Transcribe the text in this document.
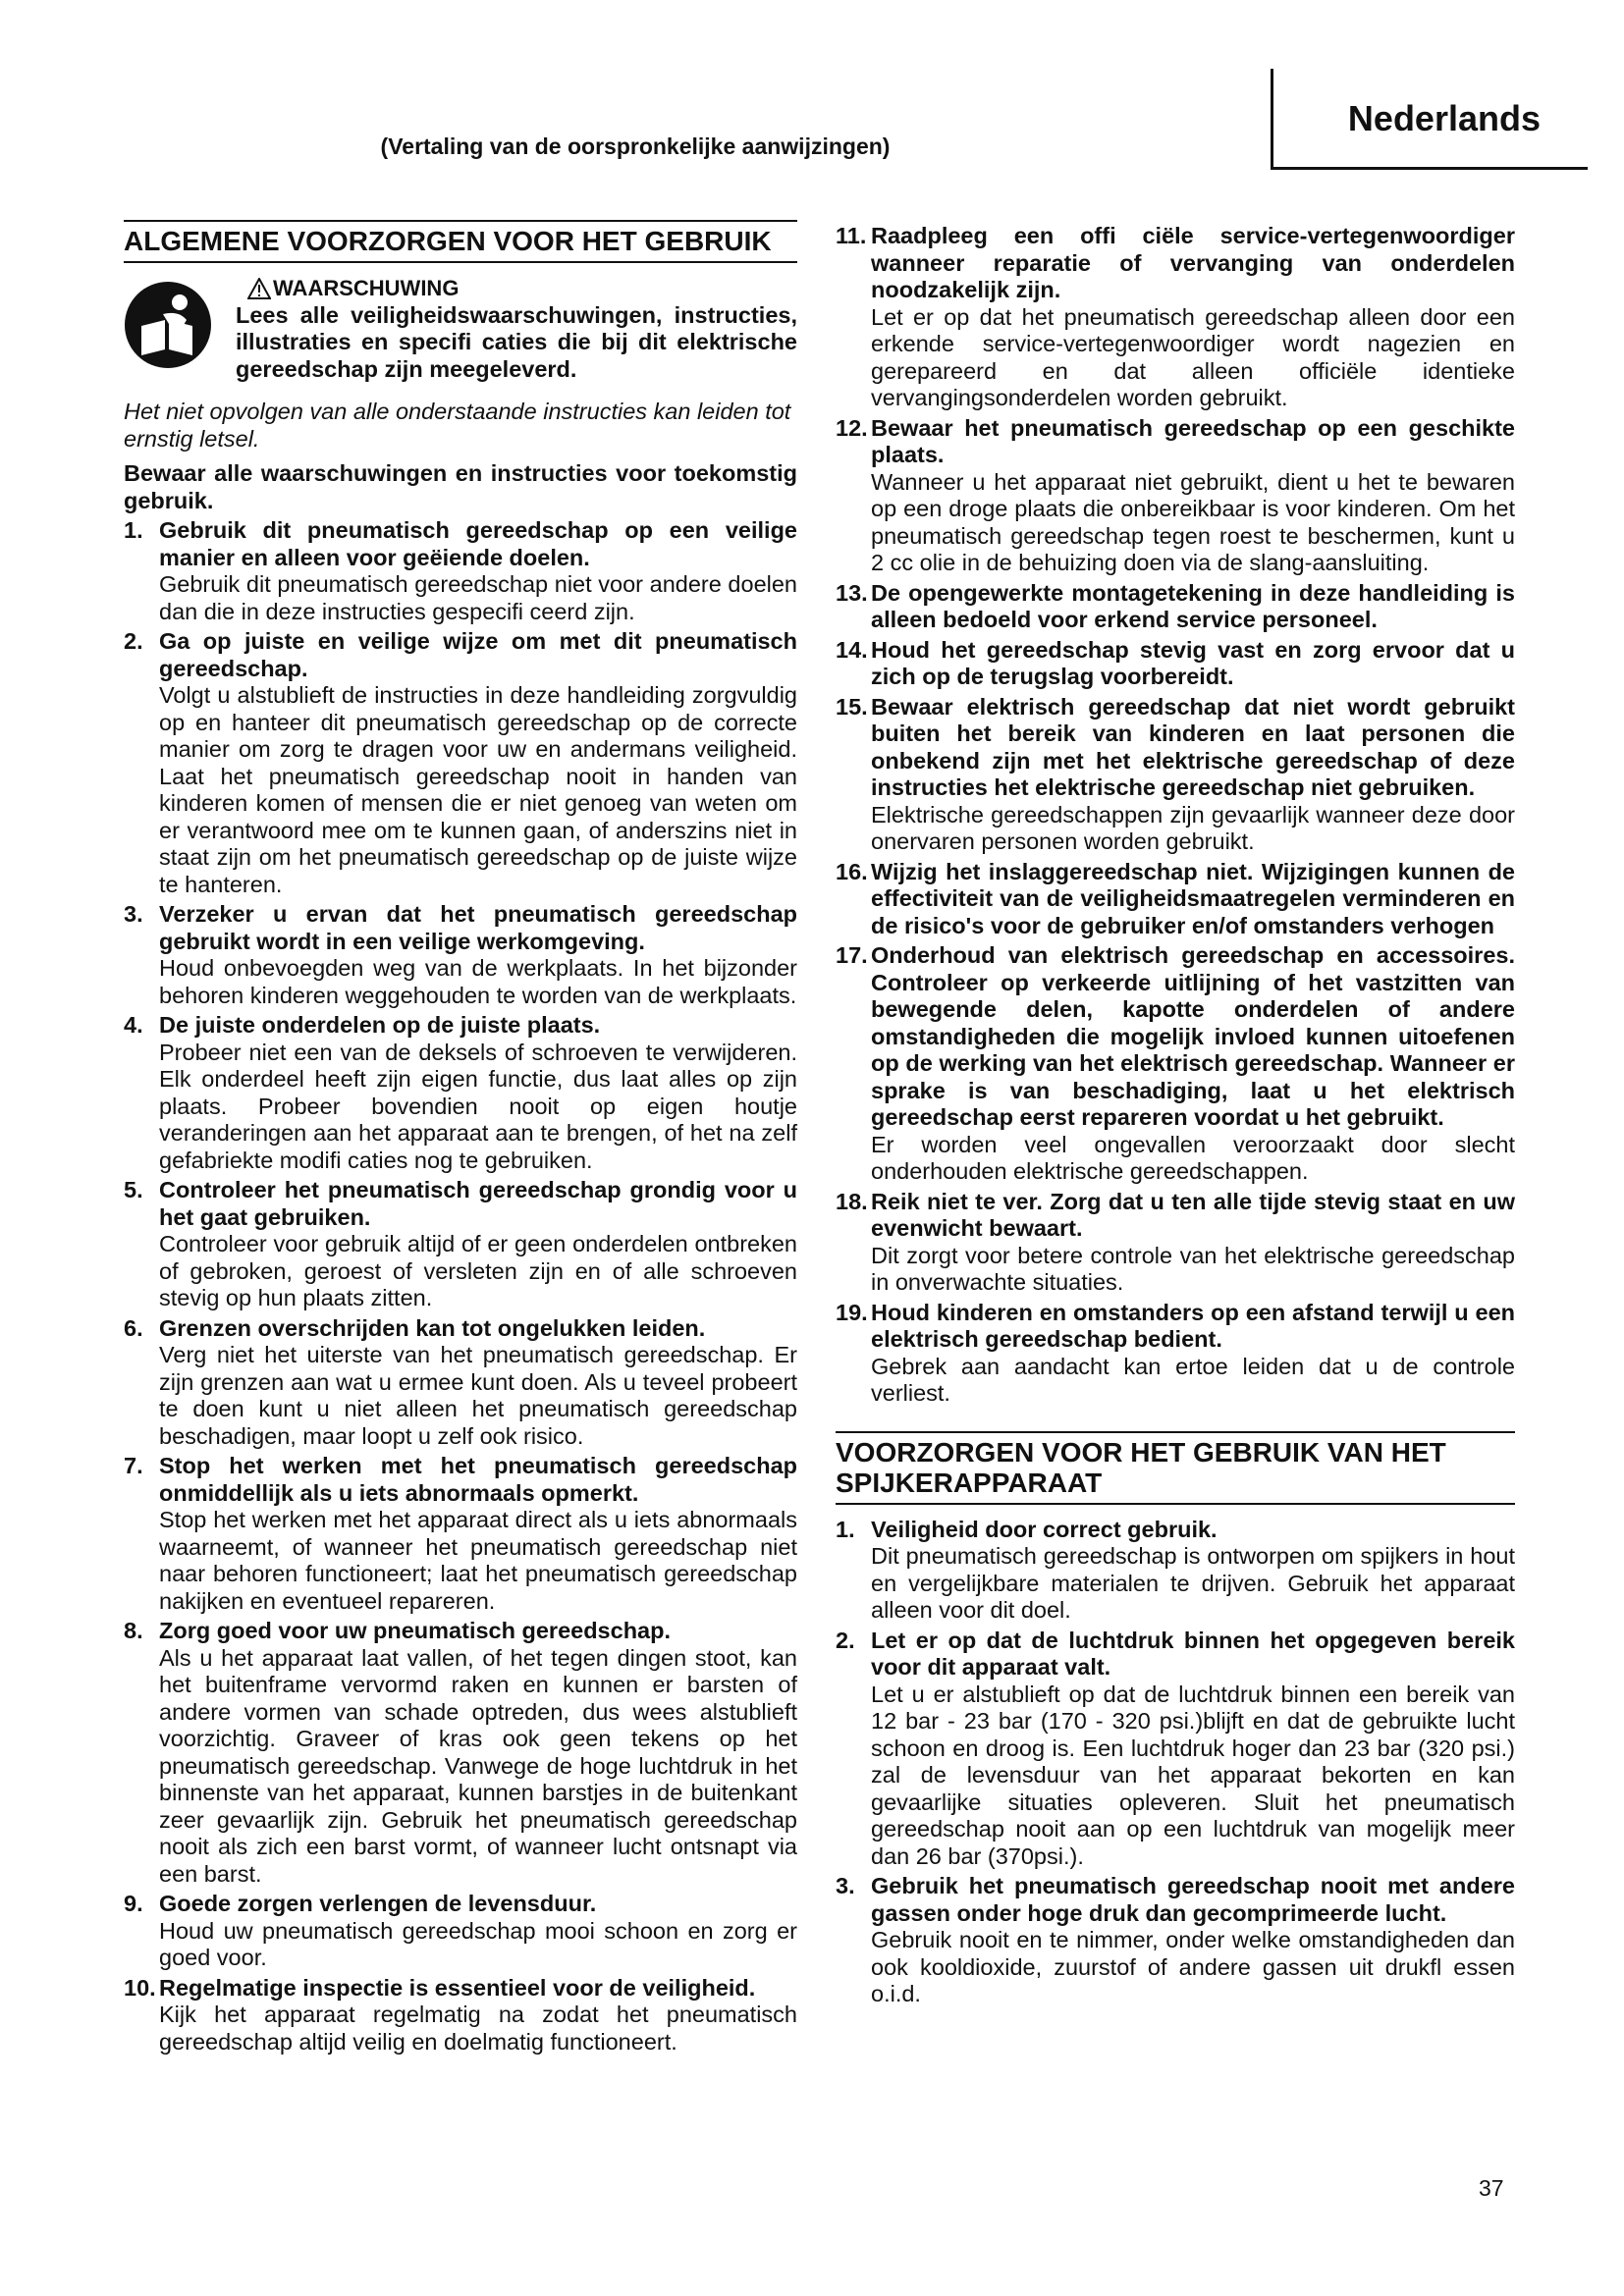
Nederlands
(Vertaling van de oorspronkelijke aanwijzingen)
ALGEMENE VOORZORGEN VOOR HET GEBRUIK
WAARSCHUWING
Lees alle veiligheidswaarschuwingen, instructies, illustraties en specifi caties die bij dit elektrische gereedschap zijn meegeleverd.
Het niet opvolgen van alle onderstaande instructies kan leiden tot ernstig letsel.
Bewaar alle waarschuwingen en instructies voor toekomstig gebruik.
1. Gebruik dit pneumatisch gereedschap op een veilige manier en alleen voor geëiende doelen.
Gebruik dit pneumatisch gereedschap niet voor andere doelen dan die in deze instructies gespecifi ceerd zijn.
2. Ga op juiste en veilige wijze om met dit pneumatisch gereedschap.
Volgt u alstublieft de instructies in deze handleiding zorgvuldig op en hanteer dit pneumatisch gereedschap op de correcte manier om zorg te dragen voor uw en andermans veiligheid. Laat het pneumatisch gereedschap nooit in handen van kinderen komen of mensen die er niet genoeg van weten om er verantwoord mee om te kunnen gaan, of anderszins niet in staat zijn om het pneumatisch gereedschap op de juiste wijze te hanteren.
3. Verzeker u ervan dat het pneumatisch gereedschap gebruikt wordt in een veilige werkomgeving.
Houd onbevoegden weg van de werkplaats. In het bijzonder behoren kinderen weggehouden te worden van de werkplaats.
4. De juiste onderdelen op de juiste plaats.
Probeer niet een van de deksels of schroeven te verwijderen. Elk onderdeel heeft zijn eigen functie, dus laat alles op zijn plaats. Probeer bovendien nooit op eigen houtje veranderingen aan het apparaat aan te brengen, of het na zelf gefabriekte modifi caties nog te gebruiken.
5. Controleer het pneumatisch gereedschap grondig voor u het gaat gebruiken.
Controleer voor gebruik altijd of er geen onderdelen ontbreken of gebroken, geroest of versleten zijn en of alle schroeven stevig op hun plaats zitten.
6. Grenzen overschrijden kan tot ongelukken leiden.
Verg niet het uiterste van het pneumatisch gereedschap. Er zijn grenzen aan wat u ermee kunt doen. Als u teveel probeert te doen kunt u niet alleen het pneumatisch gereedschap beschadigen, maar loopt u zelf ook risico.
7. Stop het werken met het pneumatisch gereedschap onmiddellijk als u iets abnormaals opmerkt.
Stop het werken met het apparaat direct als u iets abnormaals waarneemt, of wanneer het pneumatisch gereedschap niet naar behoren functioneert; laat het pneumatisch gereedschap nakijken en eventueel repareren.
8. Zorg goed voor uw pneumatisch gereedschap.
Als u het apparaat laat vallen, of het tegen dingen stoot, kan het buitenframe vervormd raken en kunnen er barsten of andere vormen van schade optreden, dus wees alstublieft voorzichtig. Graveer of kras ook geen tekens op het pneumatisch gereedschap. Vanwege de hoge luchtdruk in het binnenste van het apparaat, kunnen barstjes in de buitenkant zeer gevaarlijk zijn. Gebruik het pneumatisch gereedschap nooit als zich een barst vormt, of wanneer lucht ontsnapt via een barst.
9. Goede zorgen verlengen de levensduur.
Houd uw pneumatisch gereedschap mooi schoon en zorg er goed voor.
10. Regelmatige inspectie is essentieel voor de veiligheid.
Kijk het apparaat regelmatig na zodat het pneumatisch gereedschap altijd veilig en doelmatig functioneert.
11. Raadpleeg een offi ciële service-vertegenwoordiger wanneer reparatie of vervanging van onderdelen noodzakelijk zijn.
Let er op dat het pneumatisch gereedschap alleen door een erkende service-vertegenwoordiger wordt nagezien en gerepareerd en dat alleen officiële identieke vervangingsonderdelen worden gebruikt.
12. Bewaar het pneumatisch gereedschap op een geschikte plaats.
Wanneer u het apparaat niet gebruikt, dient u het te bewaren op een droge plaats die onbereikbaar is voor kinderen. Om het pneumatisch gereedschap tegen roest te beschermen, kunt u 2 cc olie in de behuizing doen via de slang-aansluiting.
13. De opengewerkte montagetekening in deze handleiding is alleen bedoeld voor erkend service personeel.
14. Houd het gereedschap stevig vast en zorg ervoor dat u zich op de terugslag voorbereidt.
15. Bewaar elektrisch gereedschap dat niet wordt gebruikt buiten het bereik van kinderen en laat personen die onbekend zijn met het elektrische gereedschap of deze instructies het elektrische gereedschap niet gebruiken.
Elektrische gereedschappen zijn gevaarlijk wanneer deze door onervaren personen worden gebruikt.
16. Wijzig het inslaggereedschap niet. Wijzigingen kunnen de effectiviteit van de veiligheidsmaatregelen verminderen en de risico's voor de gebruiker en/of omstanders verhogen
17. Onderhoud van elektrisch gereedschap en accessoires. Controleer op verkeerde uitlijning of het vastzitten van bewegende delen, kapotte onderdelen of andere omstandigheden die mogelijk invloed kunnen uitoefenen op de werking van het elektrisch gereedschap. Wanneer er sprake is van beschadiging, laat u het elektrisch gereedschap eerst repareren voordat u het gebruikt.
Er worden veel ongevallen veroorzaakt door slecht onderhouden elektrische gereedschappen.
18. Reik niet te ver. Zorg dat u ten alle tijde stevig staat en uw evenwicht bewaart.
Dit zorgt voor betere controle van het elektrische gereedschap in onverwachte situaties.
19. Houd kinderen en omstanders op een afstand terwijl u een elektrisch gereedschap bedient.
Gebrek aan aandacht kan ertoe leiden dat u de controle verliest.
VOORZORGEN VOOR HET GEBRUIK VAN HET SPIJKERAPPARAAT
1. Veiligheid door correct gebruik.
Dit pneumatisch gereedschap is ontworpen om spijkers in hout en vergelijkbare materialen te drijven. Gebruik het apparaat alleen voor dit doel.
2. Let er op dat de luchtdruk binnen het opgegeven bereik voor dit apparaat valt.
Let u er alstublieft op dat de luchtdruk binnen een bereik van 12 bar - 23 bar (170 - 320 psi.)blijft en dat de gebruikte lucht schoon en droog is. Een luchtdruk hoger dan 23 bar (320 psi.) zal de levensduur van het apparaat bekorten en kan gevaarlijke situaties opleveren. Sluit het pneumatisch gereedschap nooit aan op een luchtdruk van mogelijk meer dan 26 bar (370psi.).
3. Gebruik het pneumatisch gereedschap nooit met andere gassen onder hoge druk dan gecomprimeerde lucht.
Gebruik nooit en te nimmer, onder welke omstandigheden dan ook kooldioxide, zuurstof of andere gassen uit drukfl essen o.i.d.
37
